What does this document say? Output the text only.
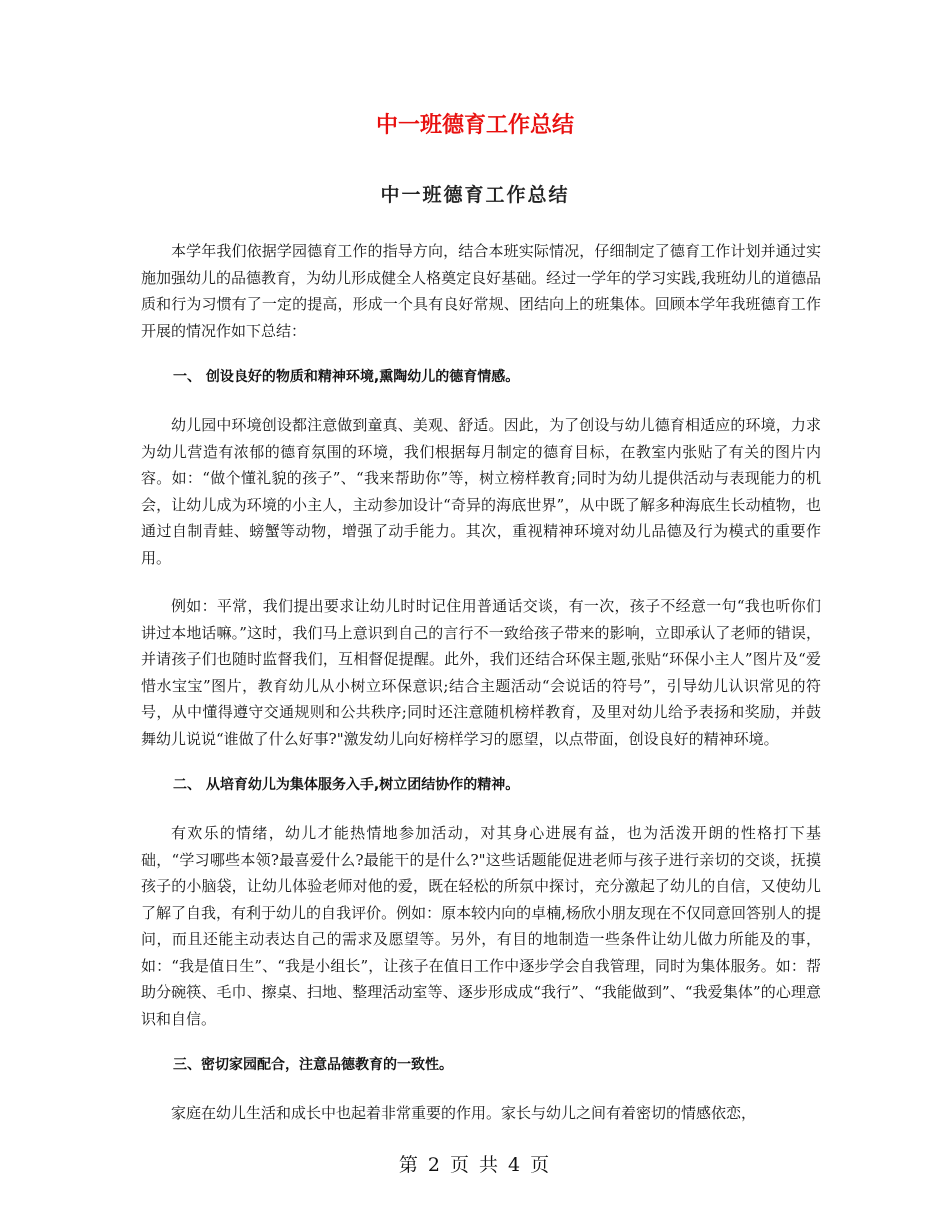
中一班德育工作总结
中一班德育工作总结

本学年我们依据学园德育工作的指导方向，结合本班实际情况，仔细制定了德育工作计划并通过实施加强幼儿的品德教育，为幼儿形成健全人格奠定良好基础。经过一学年的学习实践,我班幼儿的道德品质和行为习惯有了一定的提高，形成一个具有良好常规、团结向上的班集体。回顾本学年我班德育工作开展的情况作如下总结：

一、 创设良好的物质和精神环境,熏陶幼儿的德育情感。

幼儿园中环境创设都注意做到童真、美观、舒适。因此，为了创设与幼儿德育相适应的环境，力求为幼儿营造有浓郁的德育氛围的环境，我们根据每月制定的德育目标，在教室内张贴了有关的图片内容。如：“做个懂礼貌的孩子”、“我来帮助你”等，树立榜样教育;同时为幼儿提供活动与表现能力的机会，让幼儿成为环境的小主人，主动参加设计“奇异的海底世界”，从中既了解多种海底生长动植物，也通过自制青蛙、螃蟹等动物，增强了动手能力。其次，重视精神环境对幼儿品德及行为模式的重要作用。

例如：平常，我们提出要求让幼儿时时记住用普通话交谈，有一次，孩子不经意一句“我也听你们讲过本地话嘛。”这时，我们马上意识到自己的言行不一致给孩子带来的影响，立即承认了老师的错误，并请孩子们也随时监督我们，互相督促提醒。此外，我们还结合环保主题,张贴“环保小主人”图片及“爱惜水宝宝”图片，教育幼儿从小树立环保意识;结合主题活动“会说话的符号”，引导幼儿认识常见的符号，从中懂得遵守交通规则和公共秩序;同时还注意随机榜样教育，及里对幼儿给予表扬和奖励，并鼓舞幼儿说说“谁做了什么好事?"激发幼儿向好榜样学习的愿望，以点带面，创设良好的精神环境。

二、 从培育幼儿为集体服务入手,树立团结协作的精神。

有欢乐的情绪，幼儿才能热情地参加活动，对其身心进展有益，也为活泼开朗的性格打下基础，“学习哪些本领?最喜爱什么?最能干的是什么?"这些话题能促进老师与孩子进行亲切的交谈，抚摸孩子的小脑袋，让幼儿体验老师对他的爱，既在轻松的所氛中探讨，充分激起了幼儿的自信，又使幼儿了解了自我，有利于幼儿的自我评价。例如：原本较内向的卓楠,杨欣小朋友现在不仅同意回答别人的提问，而且还能主动表达自己的需求及愿望等。另外，有目的地制造一些条件让幼儿做力所能及的事，如：“我是值日生”、“我是小组长”，让孩子在值日工作中逐步学会自我管理，同时为集体服务。如：帮助分碗筷、毛巾、擦桌、扫地、整理活动室等、逐步形成成“我行”、“我能做到”、“我爱集体”的心理意识和自信。

三、密切家园配合，注意品德教育的一致性。

家庭在幼儿生活和成长中也起着非常重要的作用。家长与幼儿之间有着密切的情感依恋，

第 2 页 共 4 页
